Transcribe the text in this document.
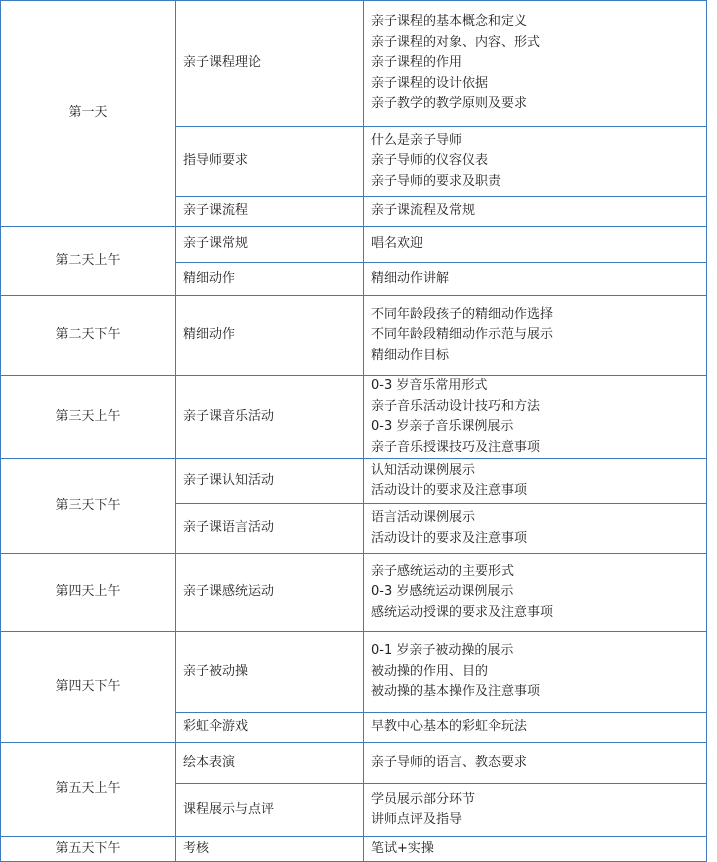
第一天	亲子课程理论	亲子课程的基本概念和定义
亲子课程的对象、内容、形式
亲子课程的作用
亲子课程的设计依据
亲子教学的教学原则及要求

	指导师要求	什么是亲子导师
亲子导师的仪容仪表
亲子导师的要求及职责

	亲子课流程	亲子课流程及常规

第二天上午	亲子课常规	唱名欢迎

	精细动作	精细动作讲解

第二天下午	精细动作	不同年龄段孩子的精细动作选择
不同年龄段精细动作示范与展示
精细动作目标

第三天上午	亲子课音乐活动	0-3 岁音乐常用形式
亲子音乐活动设计技巧和方法
0-3 岁亲子音乐课例展示
亲子音乐授课技巧及注意事项

第三天下午	亲子课认知活动	认知活动课例展示
活动设计的要求及注意事项

	亲子课语言活动	语言活动课例展示
活动设计的要求及注意事项

第四天上午	亲子课感统运动	亲子感统运动的主要形式
0-3 岁感统运动课例展示
感统运动授课的要求及注意事项

第四天下午	亲子被动操	0-1 岁亲子被动操的展示
被动操的作用、目的
被动操的基本操作及注意事项

	彩虹伞游戏	早教中心基本的彩虹伞玩法

第五天上午	绘本表演	亲子导师的语言、教态要求

	课程展示与点评	学员展示部分环节
讲师点评及指导

第五天下午	考核	笔试+实操
